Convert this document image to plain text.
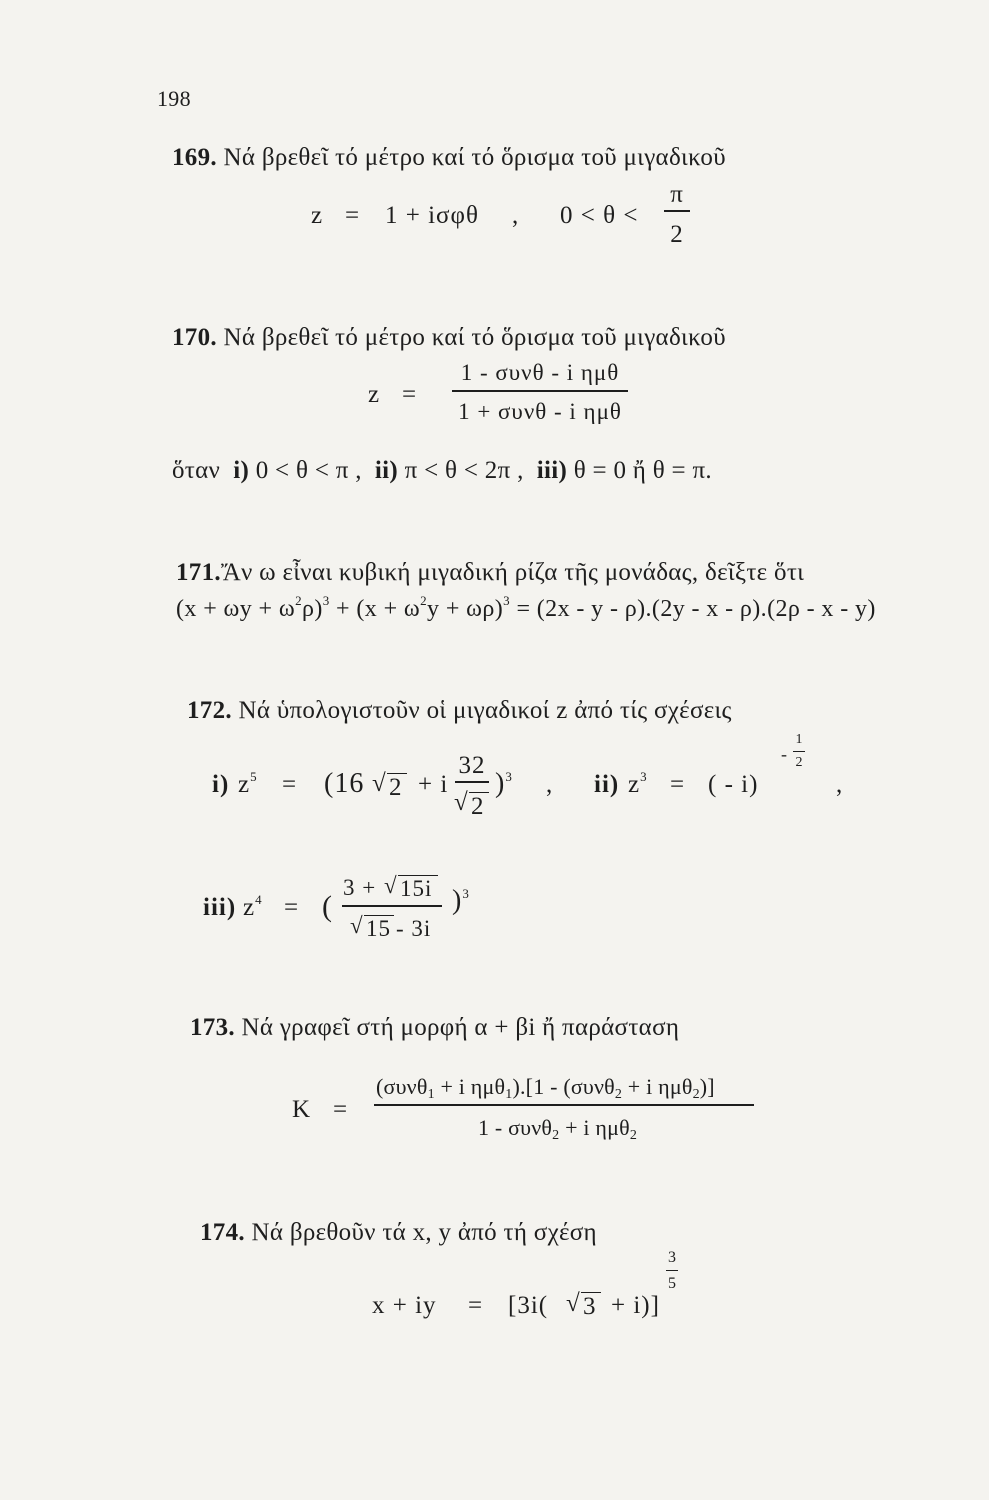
198
169. Νά βρεθεῖ τό μέτρο καί τό ὅρισμα τοῦ μιγαδικοῦ
z = 1 + iσφθ , 0 < θ <
π
2
170. Νά βρεθεῖ τό μέτρο καί τό ὅρισμα τοῦ μιγαδικοῦ
z =
1 - συνθ - i ημθ
1 + συνθ - i ημθ
ὅταν i) 0 < θ < π , ii) π < θ < 2π , iii) θ = 0 ἤ θ = π.
171.Ἄν ω εἶναι κυβική μιγαδική ρίζα τῆς μονάδας, δεῖξτε ὅτι
$(x + \omega y + \omega^2\rho)^3 + (x + \omega^2y + \omega\rho)^3 = (2x - y - \rho).(2y - x - \rho).(2\rho - x - y)$
172. Νά ὑπολογιστοῦν οἱ μιγαδικοί z ἀπό τίς σχέσεις
i) $z^5 = (16$ √ 2 + i
32
√ 2
)$^3$ , ii) $z^3$ = ( - i)
-
1
2
,
iii) $z^4$ = (
3 + √ 15i
√ 15 - 3i
)$^3$
173. Νά γραφεῖ στή μορφή α + βi ἤ παράσταση
K =
(συνθ1 + i ημθ1).[1 - (συνθ2 + i ημθ2)]
1 - συνθ2 + i ημθ2
174. Νά βρεθοῦν τά x, y ἀπό τή σχέση
x + iy = [3i( √ 3 + i)]
3
5
